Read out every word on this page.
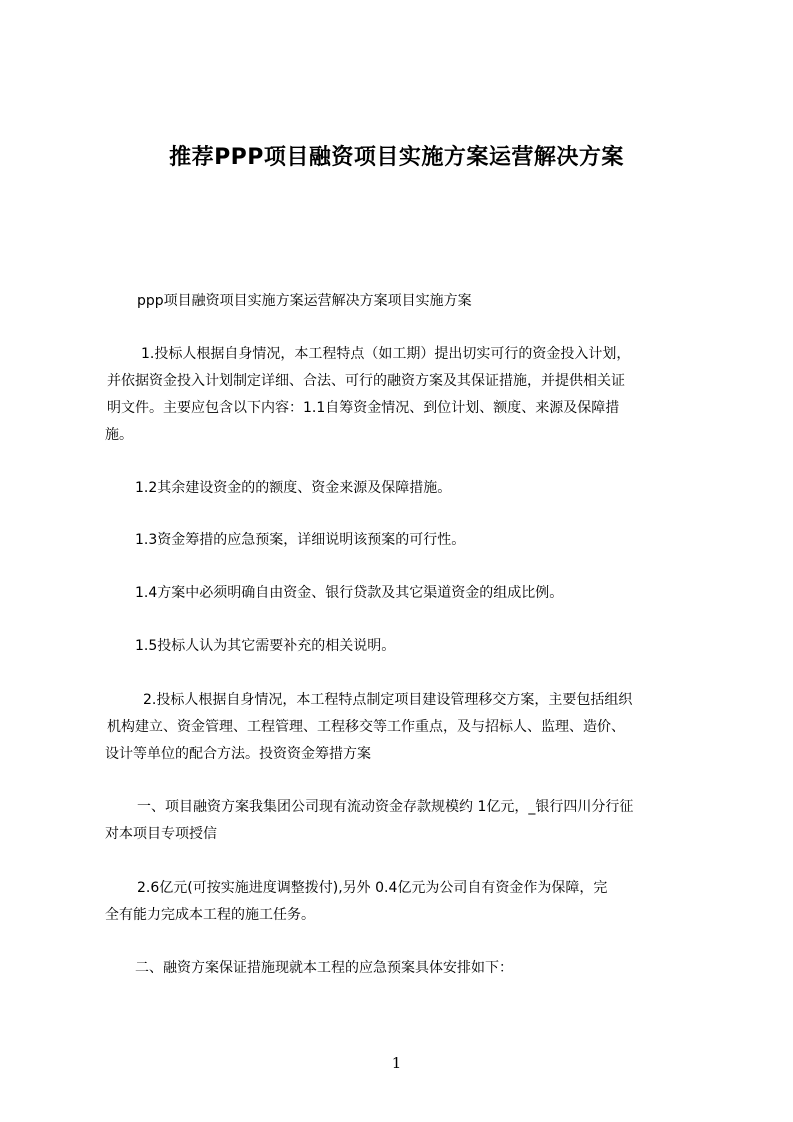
推荐PPP项目融资项目实施方案运营解决方案

ppp项目融资项目实施方案运营解决方案项目实施方案

1.投标人根据自身情况，本工程特点（如工期）提出切实可行的资金投入计划，
并依据资金投入计划制定详细、合法、可行的融资方案及其保证措施，并提供相关证
明文件。主要应包含以下内容：1.1自筹资金情况、到位计划、额度、来源及保障措
施。

1.2其余建设资金的的额度、资金来源及保障措施。

1.3资金筹措的应急预案，详细说明该预案的可行性。

1.4方案中必须明确自由资金、银行贷款及其它渠道资金的组成比例。

1.5投标人认为其它需要补充的相关说明。

2.投标人根据自身情况，本工程特点制定项目建设管理移交方案，主要包括组织
机构建立、资金管理、工程管理、工程移交等工作重点，及与招标人、监理、造价、
设计等单位的配合方法。投资资金筹措方案

一、项目融资方案我集团公司现有流动资金存款规模约 1亿元，_银行四川分行征
对本项目专项授信

2.6亿元(可按实施进度调整拨付),另外 0.4亿元为公司自有资金作为保障，完
全有能力完成本工程的施工任务。

二、融资方案保证措施现就本工程的应急预案具体安排如下：

1
